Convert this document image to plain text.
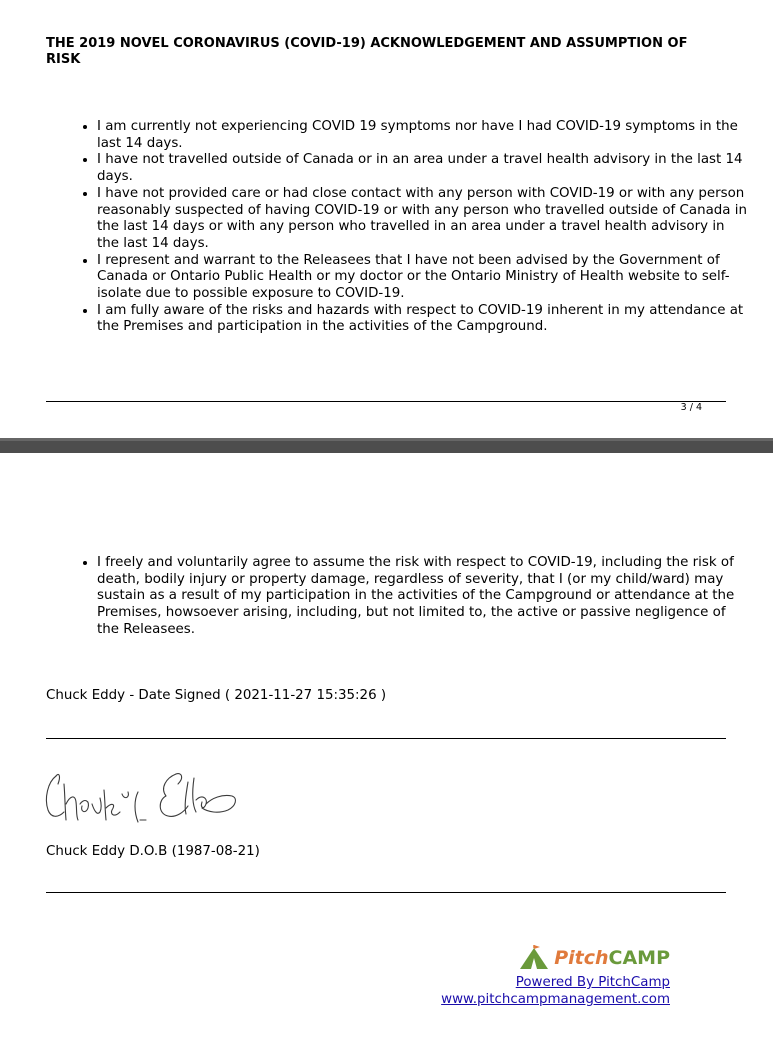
THE 2019 NOVEL CORONAVIRUS (COVID-19) ACKNOWLEDGEMENT AND ASSUMPTION OF RISK
• I am currently not experiencing COVID 19 symptoms nor have I had COVID-19 symptoms in the last 14 days.
• I have not travelled outside of Canada or in an area under a travel health advisory in the last 14 days.
• I have not provided care or had close contact with any person with COVID-19 or with any person reasonably suspected of having COVID-19 or with any person who travelled outside of Canada in the last 14 days or with any person who travelled in an area under a travel health advisory in the last 14 days.
• I represent and warrant to the Releasees that I have not been advised by the Government of Canada or Ontario Public Health or my doctor or the Ontario Ministry of Health website to self-isolate due to possible exposure to COVID-19.
• I am fully aware of the risks and hazards with respect to COVID-19 inherent in my attendance at the Premises and participation in the activities of the Campground.
3 / 4
• I freely and voluntarily agree to assume the risk with respect to COVID-19, including the risk of death, bodily injury or property damage, regardless of severity, that I (or my child/ward) may sustain as a result of my participation in the activities of the Campground or attendance at the Premises, howsoever arising, including, but not limited to, the active or passive negligence of the Releasees.
Chuck Eddy - Date Signed ( 2021-11-27 15:35:26 )
Chuck Eddy D.O.B (1987-08-21)
Pitch CAMP
Powered By PitchCamp
www.pitchcampmanagement.com
